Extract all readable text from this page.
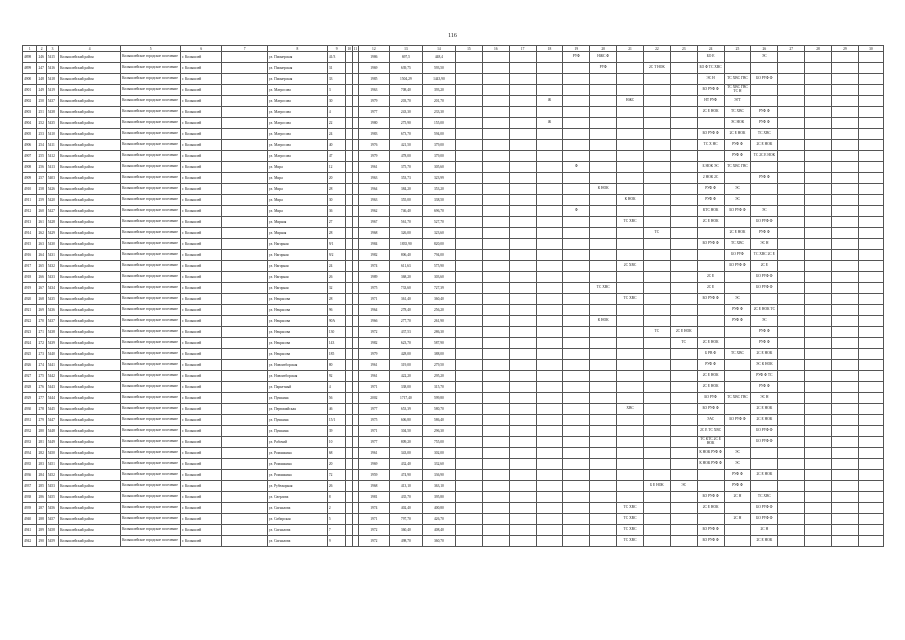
116
1	2	3	4	5	6	7	8	9	10	11	12	13	14	15	16	17	18	19	20	21	22	23	24	25	26	27	28	29	30
4898	246	5415	Колышлейский район	Колышлейское городское поселение	г. Колышлей		ул. Пионерская	41/3			1986	697,5	448,4					РУФ	НЖС Ф				БО Е		ЭС				
4899	247	5416	Колышлейский район	Колышлейское городское поселение	г. Колышлей		ул. Пионерская	31			1969	639,75	593,50						РУФ		2С Т НОК		БО Ф ТС ХВС						
4900	248	5418	Колышлейский район	Колышлейское городское поселение	г. Колышлей		ул. Пионерская	33			1985	1504,29	1443,90										ЭС Н	ТС ХВС ГВС	БО РУФ Ф				
4901	249	5419	Колышлейский район	Колышлейское городское поселение	г. Колышлей		ул. Матросова	3			1963	708,40	393,20										БО РУФ Ф	ТС ХВС ГВС ТС Н					
4902	250	5437	Колышлейский район	Колышлейское городское поселение	г. Колышлей		ул. Матросова	30			1979	203,70	201,70				Ж			НЖС			НТ РУФ	ЭГТ					
4903	251	5438	Колышлейский район	Колышлейское городское поселение	г. Колышлей		ул. Матросова	4			1977	243,30	233,30										2С Е НОК	ТС ХВС	РУФ Ф				
4904	252	5435	Колышлейский район	Колышлейское городское поселение	г. Колышлей		ул. Матросова	22			1980	275,90	155,00				Ж							ЭС НОК	РУФ Ф				
4905	253	5410	Колышлейский район	Колышлейское городское поселение	г. Колышлей		ул. Матросова	24			1983	673,70	594,00										БО РУФ Ф	2С Е НОК	ТС ХВС				
4906	254	5411	Колышлейский район	Колышлейское городское поселение	г. Колышлей		ул. Матросова	40			1976	421,50	379,00										ТС Х НС	РУФ Ф	2С Е НОК				
4907	255	5412	Колышлейский район	Колышлейское городское поселение	г. Колышлей		ул. Матросова	47			1979	478,00	379,00											РУФ Ф	ТС 2С Е НОК				
4908	256	5413	Колышлейский район	Колышлейское городское поселение	г. Колышлей		ул. Мира	12			1961	375,70	305,60					Ф					Б НОК ЭС	ТС ХВС ГВС					
4909	257	5403	Колышлейский район	Колышлейское городское поселение	г. Колышлей		ул. Мира	20			1963	353,73	323,99										2 НОК 2С		РУФ Ф				
4910	258	5426	Колышлейский район	Колышлейское городское поселение	г. Колышлей		ул. Мира	28			1964	384,20	353,20						К НОК				РУФ Ф	ЭС					
4911	259	5420	Колышлейский район	Колышлейское городское поселение	г. Колышлей		ул. Мира	30			1963	355,00	338,50							К НОК			РУФ Ф	ЭС					
4912	260	5427	Колышлейский район	Колышлейское городское поселение	г. Колышлей		ул. Мира	36			1962	746,40	696,70					Ф					КТС НОК	БО РУФ Ф	ЭС				
4913	261	5428	Колышлейский район	Колышлейское городское поселение	г. Колышлей		ул. Мирная	27			1967	561,70	527,70							ТС ХВС			2С Е НОК		БО РУФ Ф				
4914	262	5429	Колышлейский район	Колышлейское городское поселение	г. Колышлей		ул. Мирная	28			1968	326,00	323,60								ТС			2С Е НОК	РУФ Ф				
4915	263	5430	Колышлейский район	Колышлейское городское поселение	г. Колышлей		ул. Нагорная	9/1			1984	1835,90	820,00										БО РУФ Ф	ТС ХВС	ЭС Н				
4916	264	5431	Колышлейский район	Колышлейское городское поселение	г. Колышлей		ул. Нагорная	9/2			1982	806,40	794,00											БО РУФ	ТС ХВС 2С Е				
4917	265	5432	Колышлейский район	Колышлейское городское поселение	г. Колышлей		ул. Нагорная	24			1974	611,63	575,90							2С ХВС				БО РУФ Ф	2С Е				
4918	266	5433	Колышлейский район	Колышлейское городское поселение	г. Колышлей		ул. Нагорная	26			1989	368,20	303,60										2С Е		БО РУФ Ф				
4919	267	5434	Колышлейский район	Колышлейское городское поселение	г. Колышлей		ул. Нагорная	32			1975	733,60	727,39						ТС ХВС				2С Е		БО РУФ Ф				
4920	268	5435	Колышлейский район	Колышлейское городское поселение	г. Колышлей		ул. Некрасова	28			1971	361,40	360,40							ТС ХВС			БО РУФ Ф	ЭС					
4921	269	5436	Колышлейский район	Колышлейское городское поселение	г. Колышлей		ул. Некрасова	96			1964	278,40	256,20											РУФ Ф	2С Е НОК ТС				
4922	270	5437	Колышлейский район	Колышлейское городское поселение	г. Колышлей		ул. Некрасова	90А			1966	277,70	261,90						К НОК					РУФ Ф	ЭС				
4923	271	5438	Колышлейский район	Колышлейское городское поселение	г. Колышлей		ул. Некрасова	130			1972	437,53	286,30								ТС	2С Е НОК			РУФ Ф				
4924	272	5439	Колышлейский район	Колышлейское городское поселение	г. Колышлей		ул. Некрасова	143			1982	623,70	587,90									ТС	2С Е НОК		РУФ Ф				
4925	273	5440	Колышлейский район	Колышлейское городское поселение	г. Колышлей		ул. Некрасова	185			1979	428,00	388,00										Б РВ Ф	ТС ХВС	2С Е НОК				
4926	274	5441	Колышлейский район	Колышлейское городское поселение	г. Колышлей		ул. Новоизборская	80			1961	319,00	279,50										РУФ Ф		ЭС К НОК				
4927	275	5442	Колышлейский район	Колышлейское городское поселение	г. Колышлей		ул. Новоизборская	92			1961	422,20	295,20										2С Е НОК		РУФ Ф ТС				
4928	276	5443	Колышлейский район	Колышлейское городское поселение	г. Колышлей		ул. Паркетный	4			1971	338,00	315,70										2С Е НОК		РУФ Ф				
4929	277	5444	Колышлейский район	Колышлейское городское поселение	г. Колышлей		ул. Пушкина	56			2002	1717,40	599,80										БО РУФ	ТС ХВС ГВС	ЭС Н				
4930	278	5445	Колышлейский район	Колышлейское городское поселение	г. Колышлей		ул. Первомайская	46			1977	653,39	580,70							ХВС			БО РУФ Ф		2С Е НОК				
4931	279	5447	Колышлейский район	Колышлейское городское поселение	г. Колышлей		ул. Пушкина	15/1			1975	606,80	586,40										ЭАС	БО РУФ Ф	2С Е НОК				
4932	280	5448	Колышлейский район	Колышлейское городское поселение	г. Колышлей		ул. Пушкина	39			1971	304,50	296,30										2С Е ТС ХВС		БО РУФ Ф				
4933	281	5449	Колышлейский район	Колышлейское городское поселение	г. Колышлей		ул. Рабочий	10			1977	809,20	755,00										ТС КТС 2С Е НОК		БО РУФ Ф				
4934	282	5450	Колышлейский район	Колышлейское городское поселение	г. Колышлей		ул. Ромашкина	68			1961	343,00	302,00										К НОК РУФ Ф	ЭС					
4935	283	5451	Колышлейский район	Колышлейское городское поселение	г. Колышлей		ул. Ромашкина	20			1969	432,40	332,60										К НОК РУФ Ф	ЭС					
4936	284	5452	Колышлейский район	Колышлейское городское поселение	г. Колышлей		ул. Ромашкина	72			1959	474,90	336,90											РУФ Ф	2С Е НОК				
4937	285	5453	Колышлейский район	Колышлейское городское поселение	г. Колышлей		ул. Рубежорная	26			1968	413,10	363,10								Б Е НОК	ЭС		РУФ Ф					
4938	286	5455	Колышлейский район	Колышлейское городское поселение	г. Колышлей		ул. Сверлова	8			1981	435,70	395,80										БО РУФ Ф	2С Н	ТС ХВС				
4939	287	5456	Колышлейский район	Колышлейское городское поселение	г. Колышлей		ул. Сигналова	2			1974	402,40	400,80							ТС ХВС			2С Е НОК		БО РУФ Ф				
4940	288	5457	Колышлейский район	Колышлейское городское поселение	г. Колышлей		ул. Сибирская	5			1971	797,70	426,70							ТС ХВС				2С Н	БО РУФ Ф				
4941	289	5458	Колышлейский район	Колышлейское городское поселение	г. Колышлей		ул. Сигналова	7			1972	360,40	408,40							ТС ХВС			БО РУФ Ф		2С Н				
4942	290	5459	Колышлейский район	Колышлейское городское поселение	г. Колышлей		ул. Сигналова	9			1972	498,70	360,70							ТС ХВС			БО РУФ Ф		2С Е НОК				
